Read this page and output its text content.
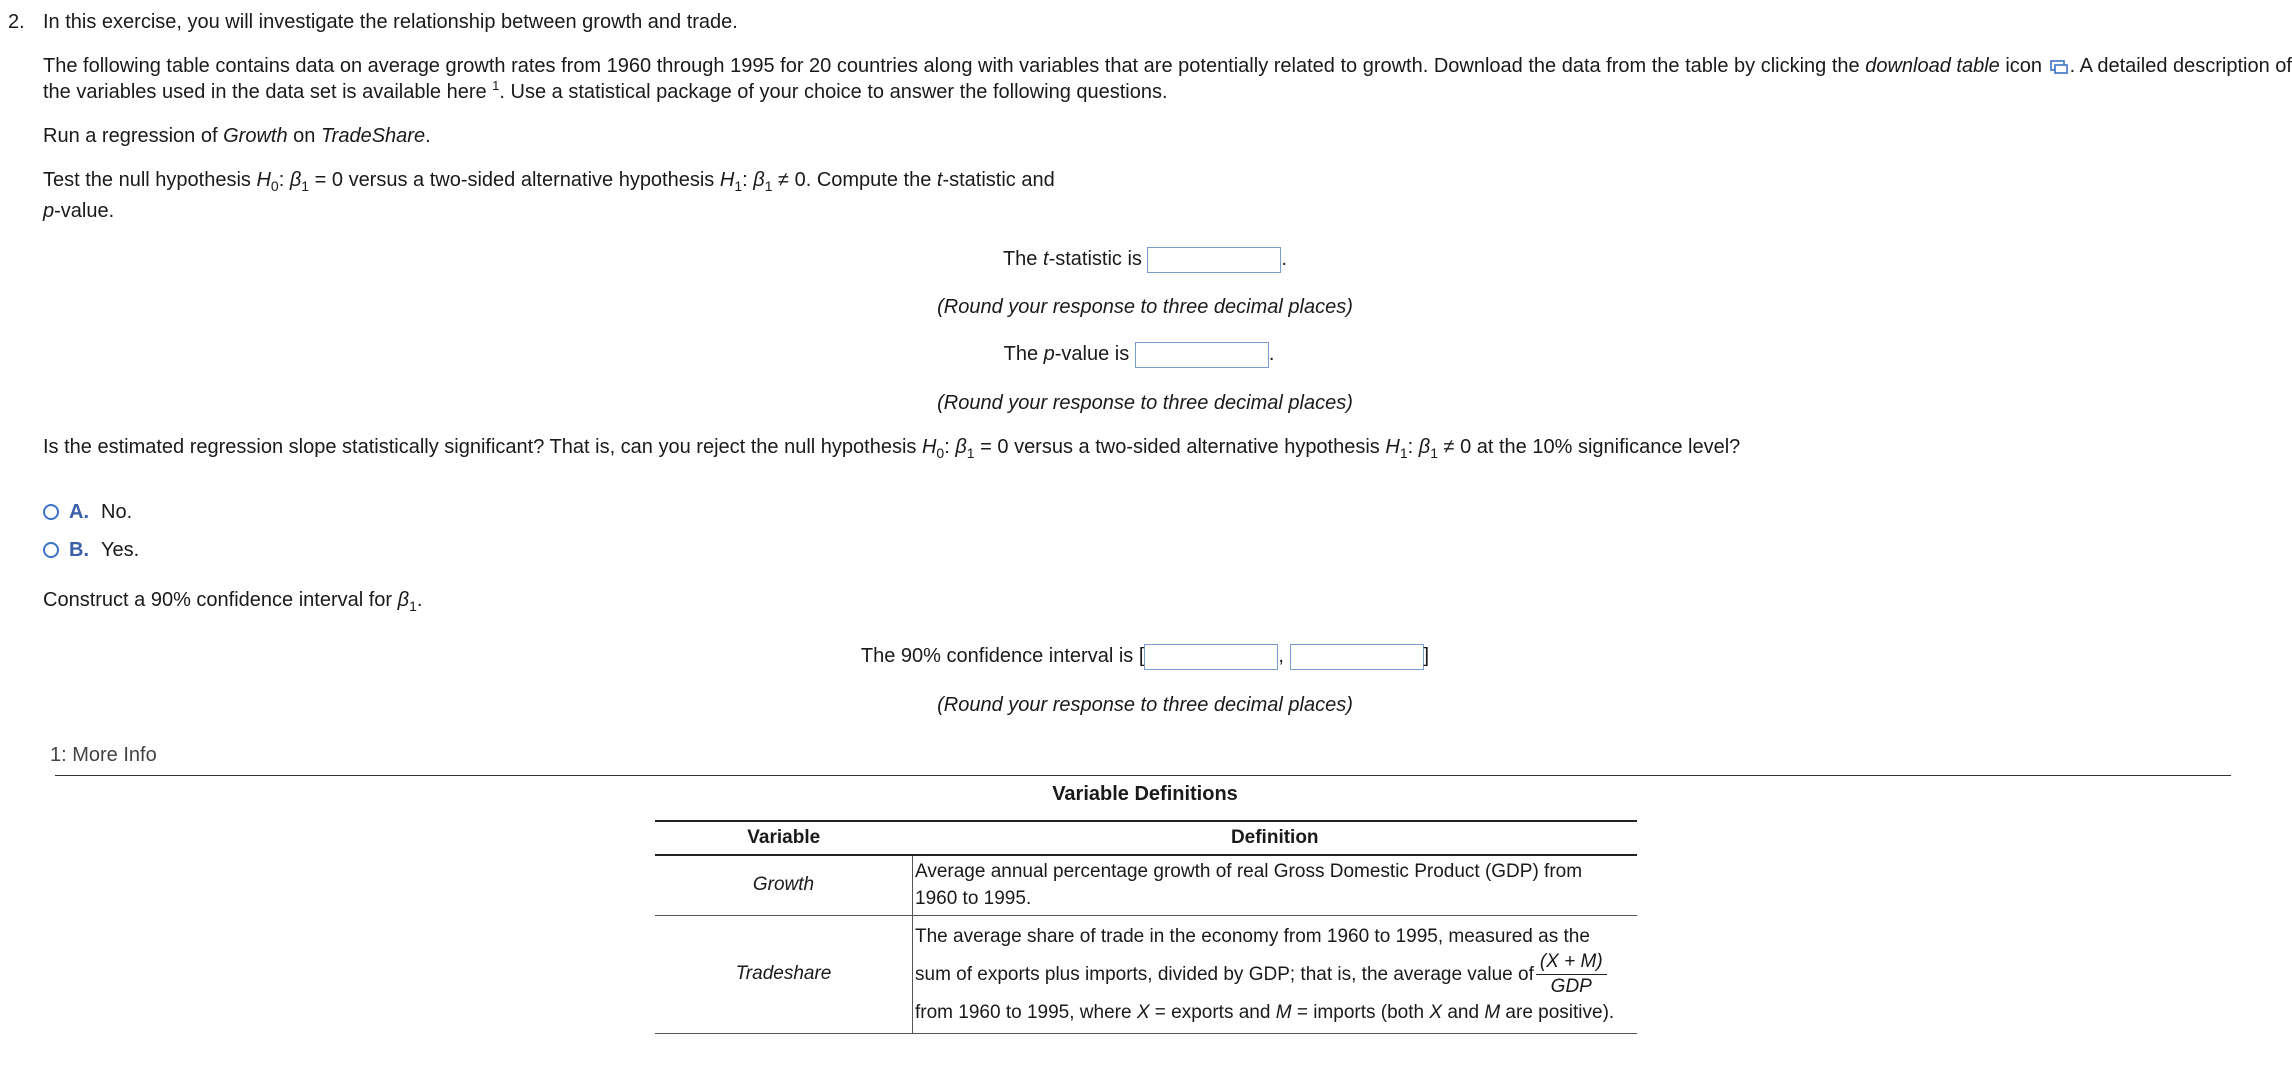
2. In this exercise, you will investigate the relationship between growth and trade.
The following table contains data on average growth rates from 1960 through 1995 for 20 countries along with variables that are potentially related to growth. Download the data from the table by clicking the download table icon . A detailed description of
the variables used in the data set is available here $^1$. Use a statistical package of your choice to answer the following questions.
Run a regression of Growth on TradeShare.
Test the null hypothesis $H_0$: $\beta_1 = 0$ versus a two-sided alternative hypothesis $H_1$: $\beta_1 \ne 0$. Compute the t-statistic and
p-value.
The t-statistic is	.
(Round your response to three decimal places)
The p-value is	.
(Round your response to three decimal places)
Is the estimated regression slope statistically significant? That is, can you reject the null hypothesis $H_0$: $\beta_1 = 0$ versus a two-sided alternative hypothesis $H_1$: $\beta_1 \ne 0$ at the 10% significance level?
A. No.
B. Yes.
Construct a 90% confidence interval for $\beta_1$.
The 90% confidence interval is [	,	]
(Round your response to three decimal places)
1: More Info
Variable Definitions
Variable	Definition
Growth	Average annual percentage growth of real Gross Domestic Product (GDP) from
1960 to 1995.

Tradeshare	The average share of trade in the economy from 1960 to 1995, measured as the
sum of exports plus imports, divided by GDP; that is, the average value of $\frac{(X + M)}{\text{GDP}}$
from 1960 to 1995, where X = exports and M = imports (both X and M are positive).
